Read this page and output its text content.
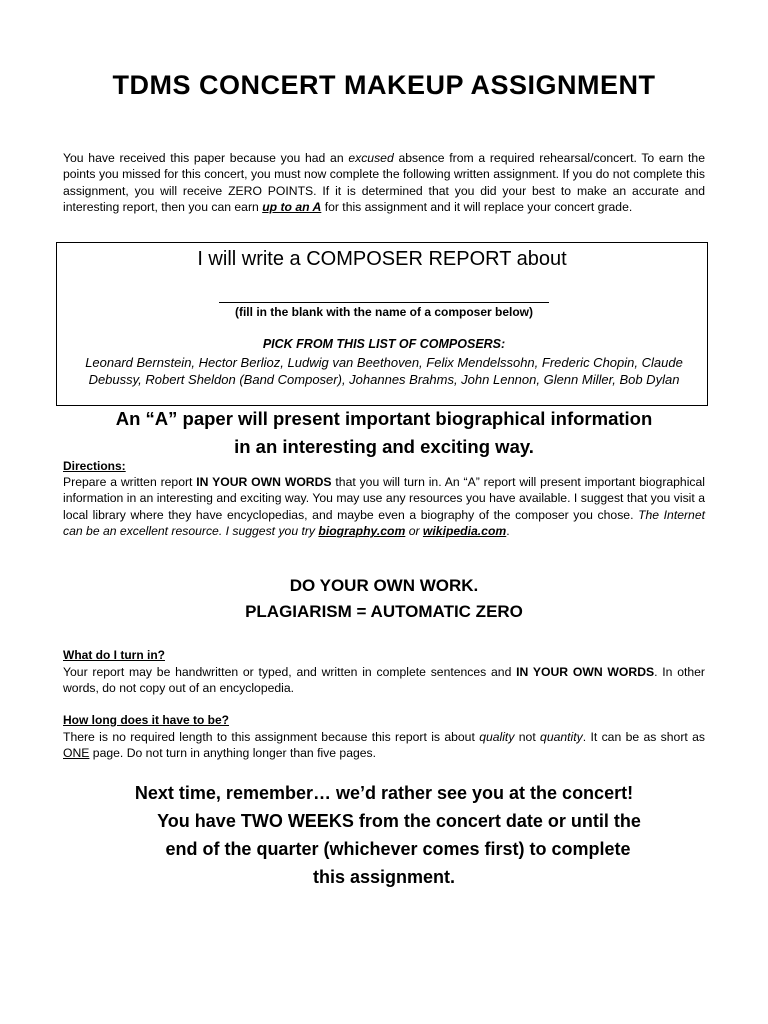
TDMS CONCERT MAKEUP ASSIGNMENT

You have received this paper because you had an excused absence from a required rehearsal/concert. To earn the points you missed for this concert, you must now complete the following written assignment. If you do not complete this assignment, you will receive ZERO POINTS. If it is determined that you did your best to make an accurate and interesting report, then you can earn up to an A for this assignment and it will replace your concert grade.

I will write a COMPOSER REPORT about
(fill in the blank with the name of a composer below)
PICK FROM THIS LIST OF COMPOSERS:
Leonard Bernstein, Hector Berlioz, Ludwig van Beethoven, Felix Mendelssohn, Frederic Chopin, Claude Debussy, Robert Sheldon (Band Composer), Johannes Brahms, John Lennon, Glenn Miller, Bob Dylan
An “A” paper will present important biographical information
in an interesting and exciting way.
Directions:

Prepare a written report IN YOUR OWN WORDS that you will turn in. An “A” report will present important biographical information in an interesting and exciting way. You may use any resources you have available. I suggest that you visit a local library where they have encyclopedias, and maybe even a biography of the composer you chose. The Internet can be an excellent resource. I suggest you try biography.com or wikipedia.com.

DO YOUR OWN WORK.
PLAGIARISM = AUTOMATIC ZERO
What do I turn in?

Your report may be handwritten or typed, and written in complete sentences and IN YOUR OWN WORDS. In other words, do not copy out of an encyclopedia.

How long does it have to be?

There is no required length to this assignment because this report is about quality not quantity. It can be as short as ONE page. Do not turn in anything longer than five pages.

Next time, remember… we’d rather see you at the concert!
You have TWO WEEKS from the concert date or until the
end of the quarter (whichever comes first) to complete
this assignment.
